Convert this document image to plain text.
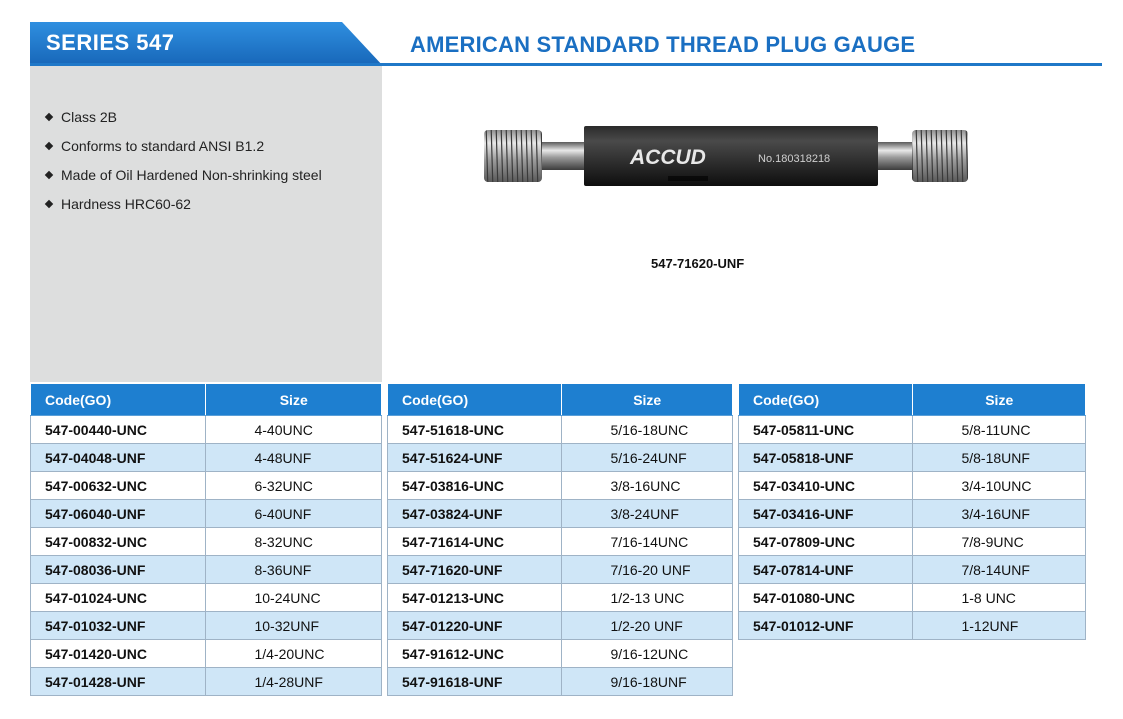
SERIES 547	AMERICAN STANDARD THREAD PLUG GAUGE
Class 2B
Conforms to standard ANSI B1.2
Made of Oil Hardened Non-shrinking steel
Hardness HRC60-62
ACCUD	No.180318218
547-71620-UNF
Code(GO)	Size
547-00440-UNC	4-40UNC
547-04048-UNF	4-48UNF
547-00632-UNC	6-32UNC
547-06040-UNF	6-40UNF
547-00832-UNC	8-32UNC
547-08036-UNF	8-36UNF
547-01024-UNC	10-24UNC
547-01032-UNF	10-32UNF
547-01420-UNC	1/4-20UNC
547-01428-UNF	1/4-28UNF
Code(GO)	Size
547-51618-UNC	5/16-18UNC
547-51624-UNF	5/16-24UNF
547-03816-UNC	3/8-16UNC
547-03824-UNF	3/8-24UNF
547-71614-UNC	7/16-14UNC
547-71620-UNF	7/16-20 UNF
547-01213-UNC	1/2-13 UNC
547-01220-UNF	1/2-20 UNF
547-91612-UNC	9/16-12UNC
547-91618-UNF	9/16-18UNF
Code(GO)	Size
547-05811-UNC	5/8-11UNC
547-05818-UNF	5/8-18UNF
547-03410-UNC	3/4-10UNC
547-03416-UNF	3/4-16UNF
547-07809-UNC	7/8-9UNC
547-07814-UNF	7/8-14UNF
547-01080-UNC	1-8 UNC
547-01012-UNF	1-12UNF
